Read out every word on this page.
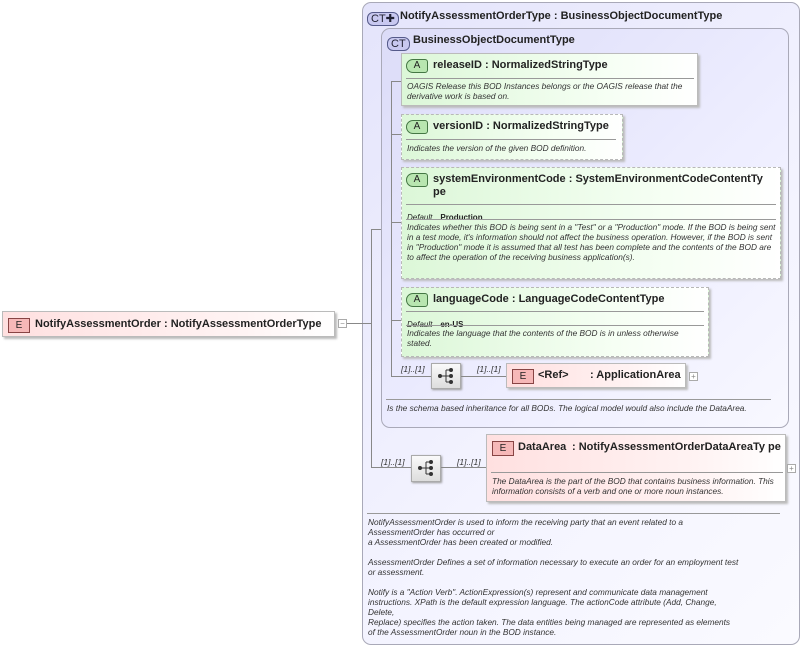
E	NotifyAssessmentOrder : NotifyAssessmentOrderType −
CT✚ NotifyAssessmentOrderType : BusinessObjectDocumentType
NotifyAssessmentOrder is used to inform the receiving party that an event related to a
AssessmentOrder has occurred or
a AssessmentOrder has been created or modified.
AssessmentOrder Defines a set of information necessary to execute an order for an employment test
or assessment.
Notify is a "Action Verb". ActionExpression(s) represent and communicate data management
instructions. XPath is the default expression language. The actionCode attribute (Add, Change,
Delete,
Replace) specifies the action taken. The data entities being managed are represented as elements
of the AssessmentOrder noun in the BOD instance.
CT BusinessObjectDocumentType
Is the schema based inheritance for all BODs. The logical model would also include the DataArea.
A	releaseID : NormalizedStringType
OAGIS Release this BOD Instances belongs or the OAGIS release that the derivative work is based on.
A	versionID : NormalizedStringType
Indicates the version of the given BOD definition.
A	systemEnvironmentCode : SystemEnvironmentCodeContentTy pe
Default Production
Indicates whether this BOD is being sent in a "Test" or a "Production" mode. If the BOD is being sent in a test mode, it's information should not affect the business operation. However, if the BOD is sent in "Production" mode it is assumed that all test has been complete and the contents of the BOD are to affect the operation of the receiving business application(s).
A	languageCode : LanguageCodeContentType
Default en-US
Indicates the language that the contents of the BOD is in unless otherwise stated.
[1]..[1]	[1]..[1]
E	<Ref> : ApplicationArea +
[1]..[1]	[1]..[1]
E	DataArea : NotifyAssessmentOrderDataAreaTy pe
The DataArea is the part of the BOD that contains business information. This information consists of a verb and one or more noun instances.
+
